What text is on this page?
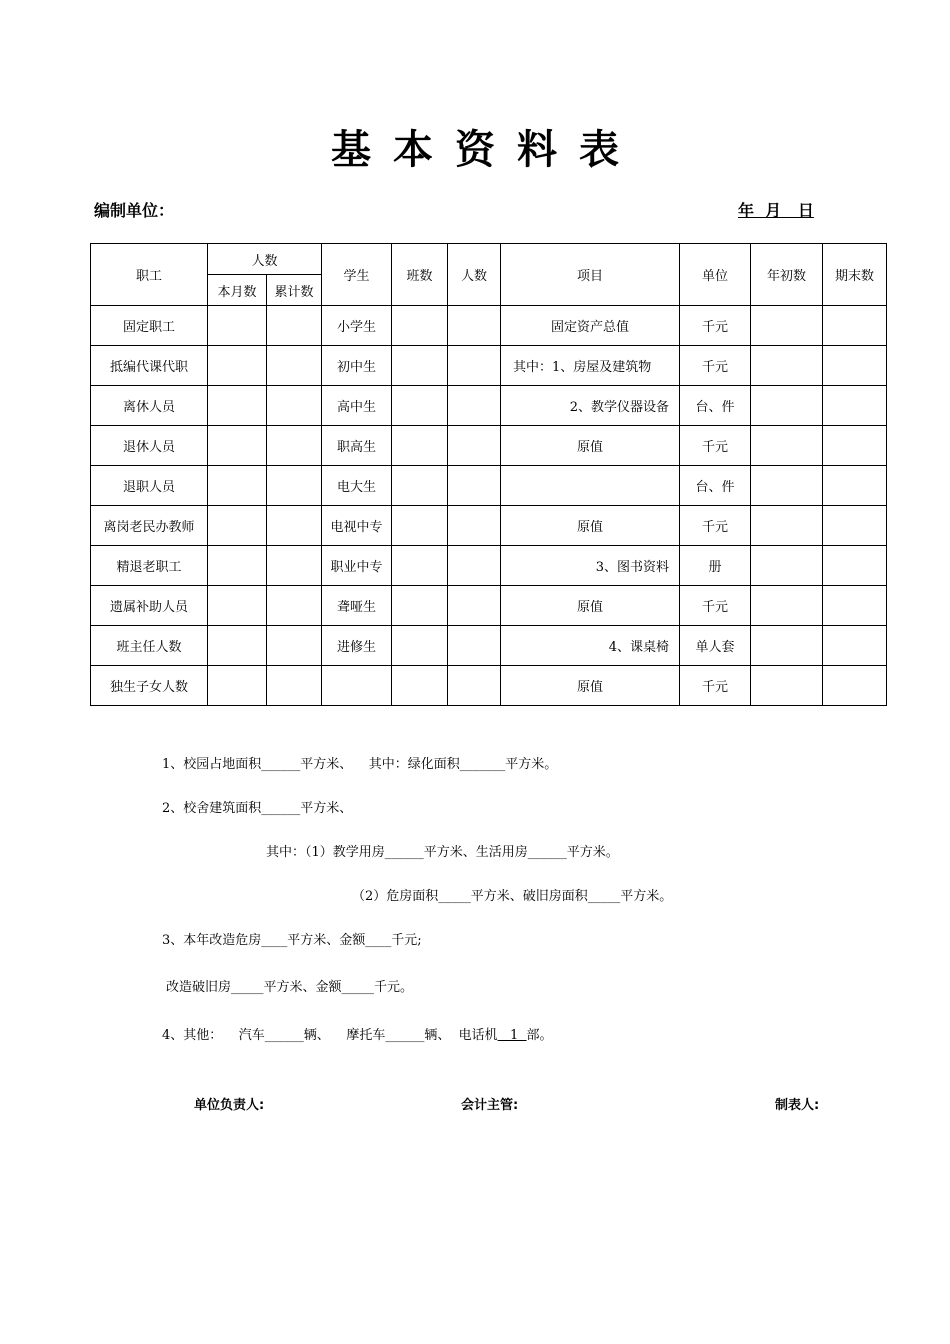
基本资料表
编制单位：	年  月   日
职工	人数		学生	班数	人数	项目	单位	年初数	期末数
	本月数	累计数							
固定职工			小学生			固定资产总值	千元		
抵编代课代职			初中生			其中：1、房屋及建筑物	千元		
离休人员			高中生			2、教学仪器设备	台、件		
退休人员			职高生			原值	千元		
退职人员			电大生				台、件		
离岗老民办教师			电视中专			原值	千元		
精退老职工			职业中专			3、图书资料	册		
遗属补助人员			聋哑生			原值	千元		
班主任人数			进修生			4、课桌椅	单人套		
独生子女人数						原值	千元		
1、校园占地面积______平方米、    其中：绿化面积_______平方米。
2、校舍建筑面积______平方米、
其中：（1）教学用房______平方米、生活用房______平方米。
（2）危房面积_____平方米、破旧房面积_____平方米。
3、本年改造危房____平方米、金额____千元;
改造破旧房_____平方米、金额_____千元。
4、其他：    汽车______辆、    摩托车______辆、  电话机   1  部。
单位负责人:	会计主管:	制表人:
